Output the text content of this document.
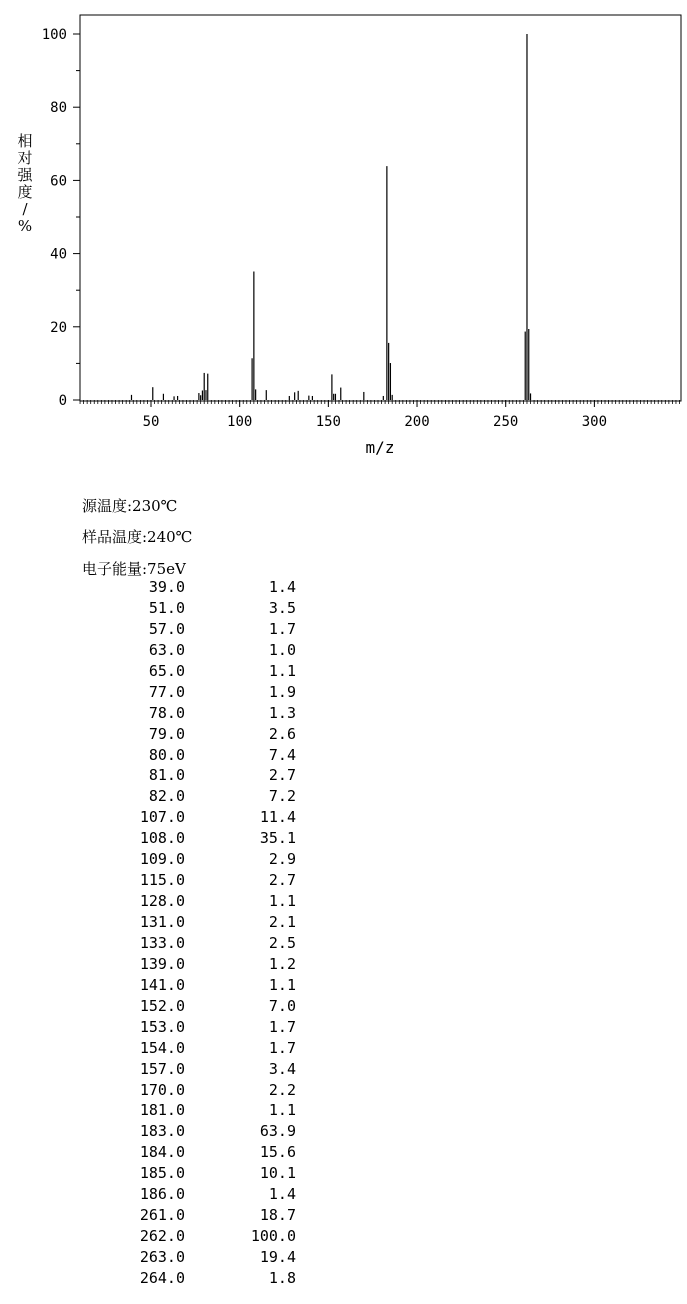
50	100	150	200	250	300
0
20
40
60
80
100
m/z
相对强度/ %
源温度:230℃
样品温度:240℃
电子能量:75eV
39.0	1.4
51.0	3.5
57.0	1.7
63.0	1.0
65.0	1.1
77.0	1.9
78.0	1.3
79.0	2.6
80.0	7.4
81.0	2.7
82.0	7.2
107.0	11.4
108.0	35.1
109.0	2.9
115.0	2.7
128.0	1.1
131.0	2.1
133.0	2.5
139.0	1.2
141.0	1.1
152.0	7.0
153.0	1.7
154.0	1.7
157.0	3.4
170.0	2.2
181.0	1.1
183.0	63.9
184.0	15.6
185.0	10.1
186.0	1.4
261.0	18.7
262.0	100.0
263.0	19.4
264.0	1.8
